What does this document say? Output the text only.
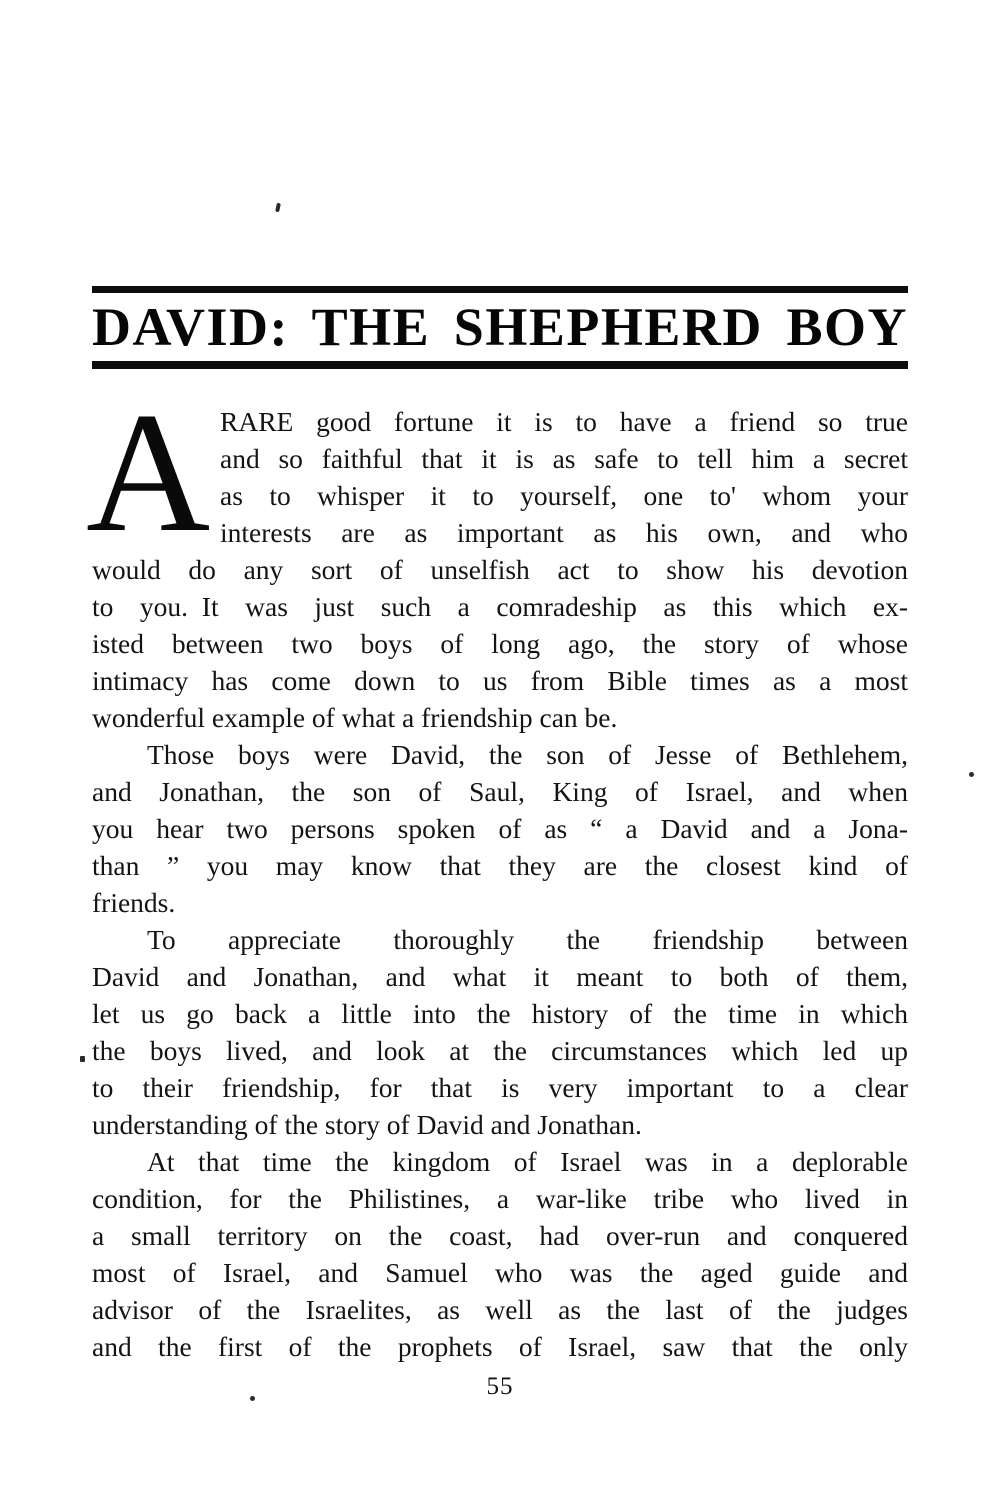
DAVID: THE SHEPHERD BOY

A RARE good fortune it is to have a friend so true
and so faithful that it is as safe to tell him a secret
as to whisper it to yourself, one to' whom your
interests are as important as his own, and who
would do any sort of unselfish act to show his devotion
to you. It was just such a comradeship as this which ex-
isted between two boys of long ago, the story of whose
intimacy has come down to us from Bible times as a most
wonderful example of what a friendship can be.

Those boys were David, the son of Jesse of Bethlehem,
and Jonathan, the son of Saul, King of Israel, and when
you hear two persons spoken of as “ a David and a Jona-
than ” you may know that they are the closest kind of
friends.

To appreciate thoroughly the friendship between
David and Jonathan, and what it meant to both of them,
let us go back a little into the history of the time in which
the boys lived, and look at the circumstances which led up
to their friendship, for that is very important to a clear
understanding of the story of David and Jonathan.

At that time the kingdom of Israel was in a deplorable
condition, for the Philistines, a war-like tribe who lived in
a small territory on the coast, had over-run and conquered
most of Israel, and Samuel who was the aged guide and
advisor of the Israelites, as well as the last of the judges
and the first of the prophets of Israel, saw that the only

55
